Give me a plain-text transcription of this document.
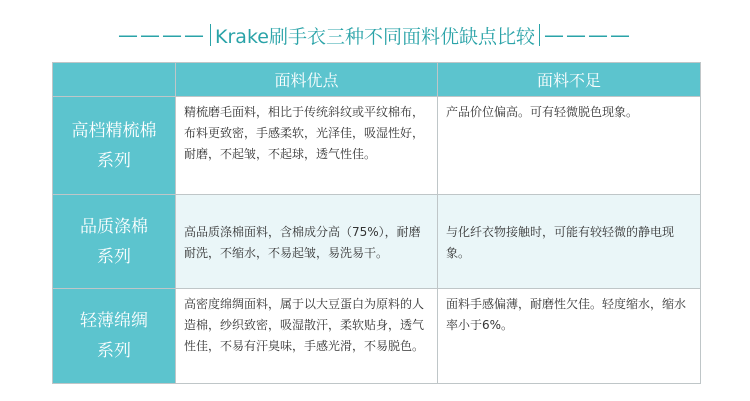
———— Krake刷手衣三种不同面料优缺点比较 ————
	面料优点	面料不足

高档精梳棉
系列	精梳磨毛面料，相比于传统斜纹或平纹棉布，布料更致密，手感柔软，光泽佳，吸湿性好，耐磨，不起皱，不起球，透气性佳。	产品价位偏高。可有轻微脱色现象。

品质涤棉
系列	高品质涤棉面料，含棉成分高（75%），耐磨耐洗，不缩水，不易起皱，易洗易干。	与化纤衣物接触时，可能有较轻微的静电现象。

轻薄绵绸
系列	高密度绵绸面料，属于以大豆蛋白为原料的人造棉，纱织致密，吸湿散汗，柔软贴身，透气性佳，不易有汗臭味，手感光滑，不易脱色。	面料手感偏薄，耐磨性欠佳。轻度缩水，缩水率小于6%。
